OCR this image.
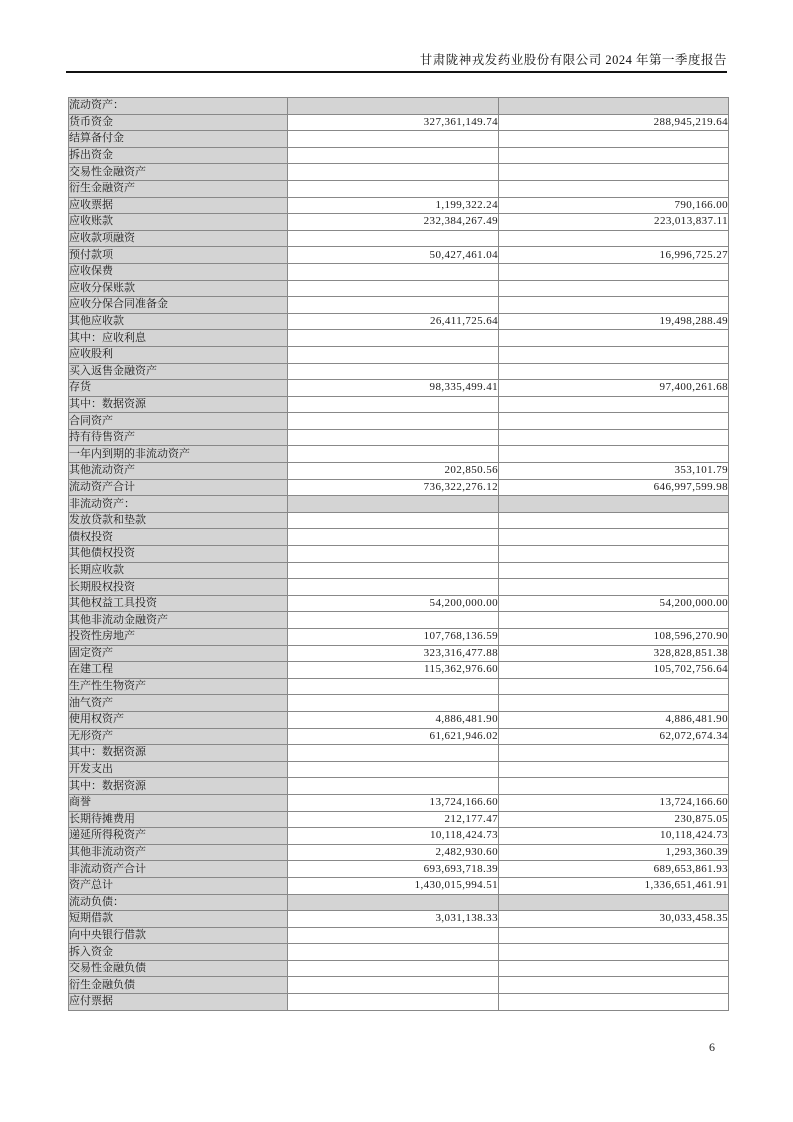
甘肃陇神戎发药业股份有限公司 2024 年第一季度报告
流动资产：		
货币资金	327,361,149.74	288,945,219.64
结算备付金		
拆出资金		
交易性金融资产		
衍生金融资产		
应收票据	1,199,322.24	790,166.00
应收账款	232,384,267.49	223,013,837.11
应收款项融资		
预付款项	50,427,461.04	16,996,725.27
应收保费		
应收分保账款		
应收分保合同准备金		
其他应收款	26,411,725.64	19,498,288.49
其中：应收利息		
应收股利		
买入返售金融资产		
存货	98,335,499.41	97,400,261.68
其中：数据资源		
合同资产		
持有待售资产		
一年内到期的非流动资产		
其他流动资产	202,850.56	353,101.79
流动资产合计	736,322,276.12	646,997,599.98
非流动资产：		
发放贷款和垫款		
债权投资		
其他债权投资		
长期应收款		
长期股权投资		
其他权益工具投资	54,200,000.00	54,200,000.00
其他非流动金融资产		
投资性房地产	107,768,136.59	108,596,270.90
固定资产	323,316,477.88	328,828,851.38
在建工程	115,362,976.60	105,702,756.64
生产性生物资产		
油气资产		
使用权资产	4,886,481.90	4,886,481.90
无形资产	61,621,946.02	62,072,674.34
其中：数据资源		
开发支出		
其中：数据资源		
商誉	13,724,166.60	13,724,166.60
长期待摊费用	212,177.47	230,875.05
递延所得税资产	10,118,424.73	10,118,424.73
其他非流动资产	2,482,930.60	1,293,360.39
非流动资产合计	693,693,718.39	689,653,861.93
资产总计	1,430,015,994.51	1,336,651,461.91
流动负债：		
短期借款	3,031,138.33	30,033,458.35
向中央银行借款		
拆入资金		
交易性金融负债		
衍生金融负债		
应付票据		
6
